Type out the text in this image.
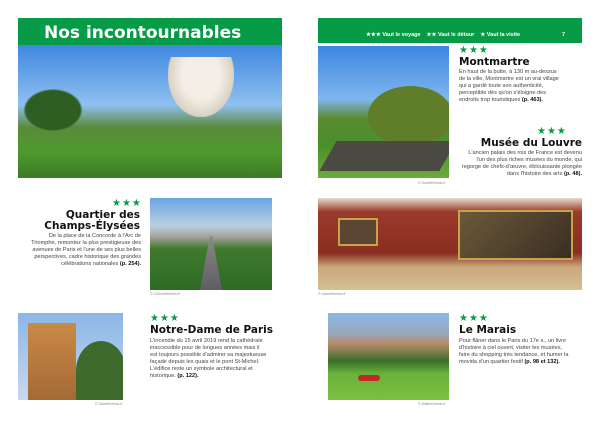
Nos incontournables
★★★
Quartier des Champs-Élysées

De la place de la Concorde à l'Arc de Triomphe, remontez la plus prestigieuse des avenues de Paris et l'une de ses plus belles perspectives, cadre historique des grandes célébrations nationales (p. 254).

© Chicurel/hemis.fr
© Gardel/hemis.fr
★★★
Notre-Dame de Paris

L'incendie du 15 avril 2019 rend la cathédrale inaccessible pour de longues années mais il est toujours possible d'admirer sa majestueuse façade depuis les quais et le pont St-Michel. L'édifice reste un symbole architectural et historique. (p. 122).

★★★ Vaut le voyage ★★ Vaut le détour ★ Vaut la visite	7
© Gardel/hemis.fr
★★★
Montmartre

En haut de la butte, à 130 m au-dessus de la ville, Montmartre est un vrai village qui a gardé toute son authenticité, perceptible dès qu'on s'éloigne des endroits trop touristiques (p. 463).

★★★
Musée du Louvre

L'ancien palais des rois de France est devenu l'un des plus riches musées du monde, qui regorge de chefs-d'œuvre, éblouissante plongée dans l'histoire des arts (p. 48).

© Gardel/hemis.fr
© Mattes/hemis.fr
★★★
Le Marais

Pour flâner dans le Paris du 17e s., un livre d'histoire à ciel ouvert, visiter les musées, faire du shopping très tendance, et humer la movida d'un quartier festif (p. 98 et 132).
